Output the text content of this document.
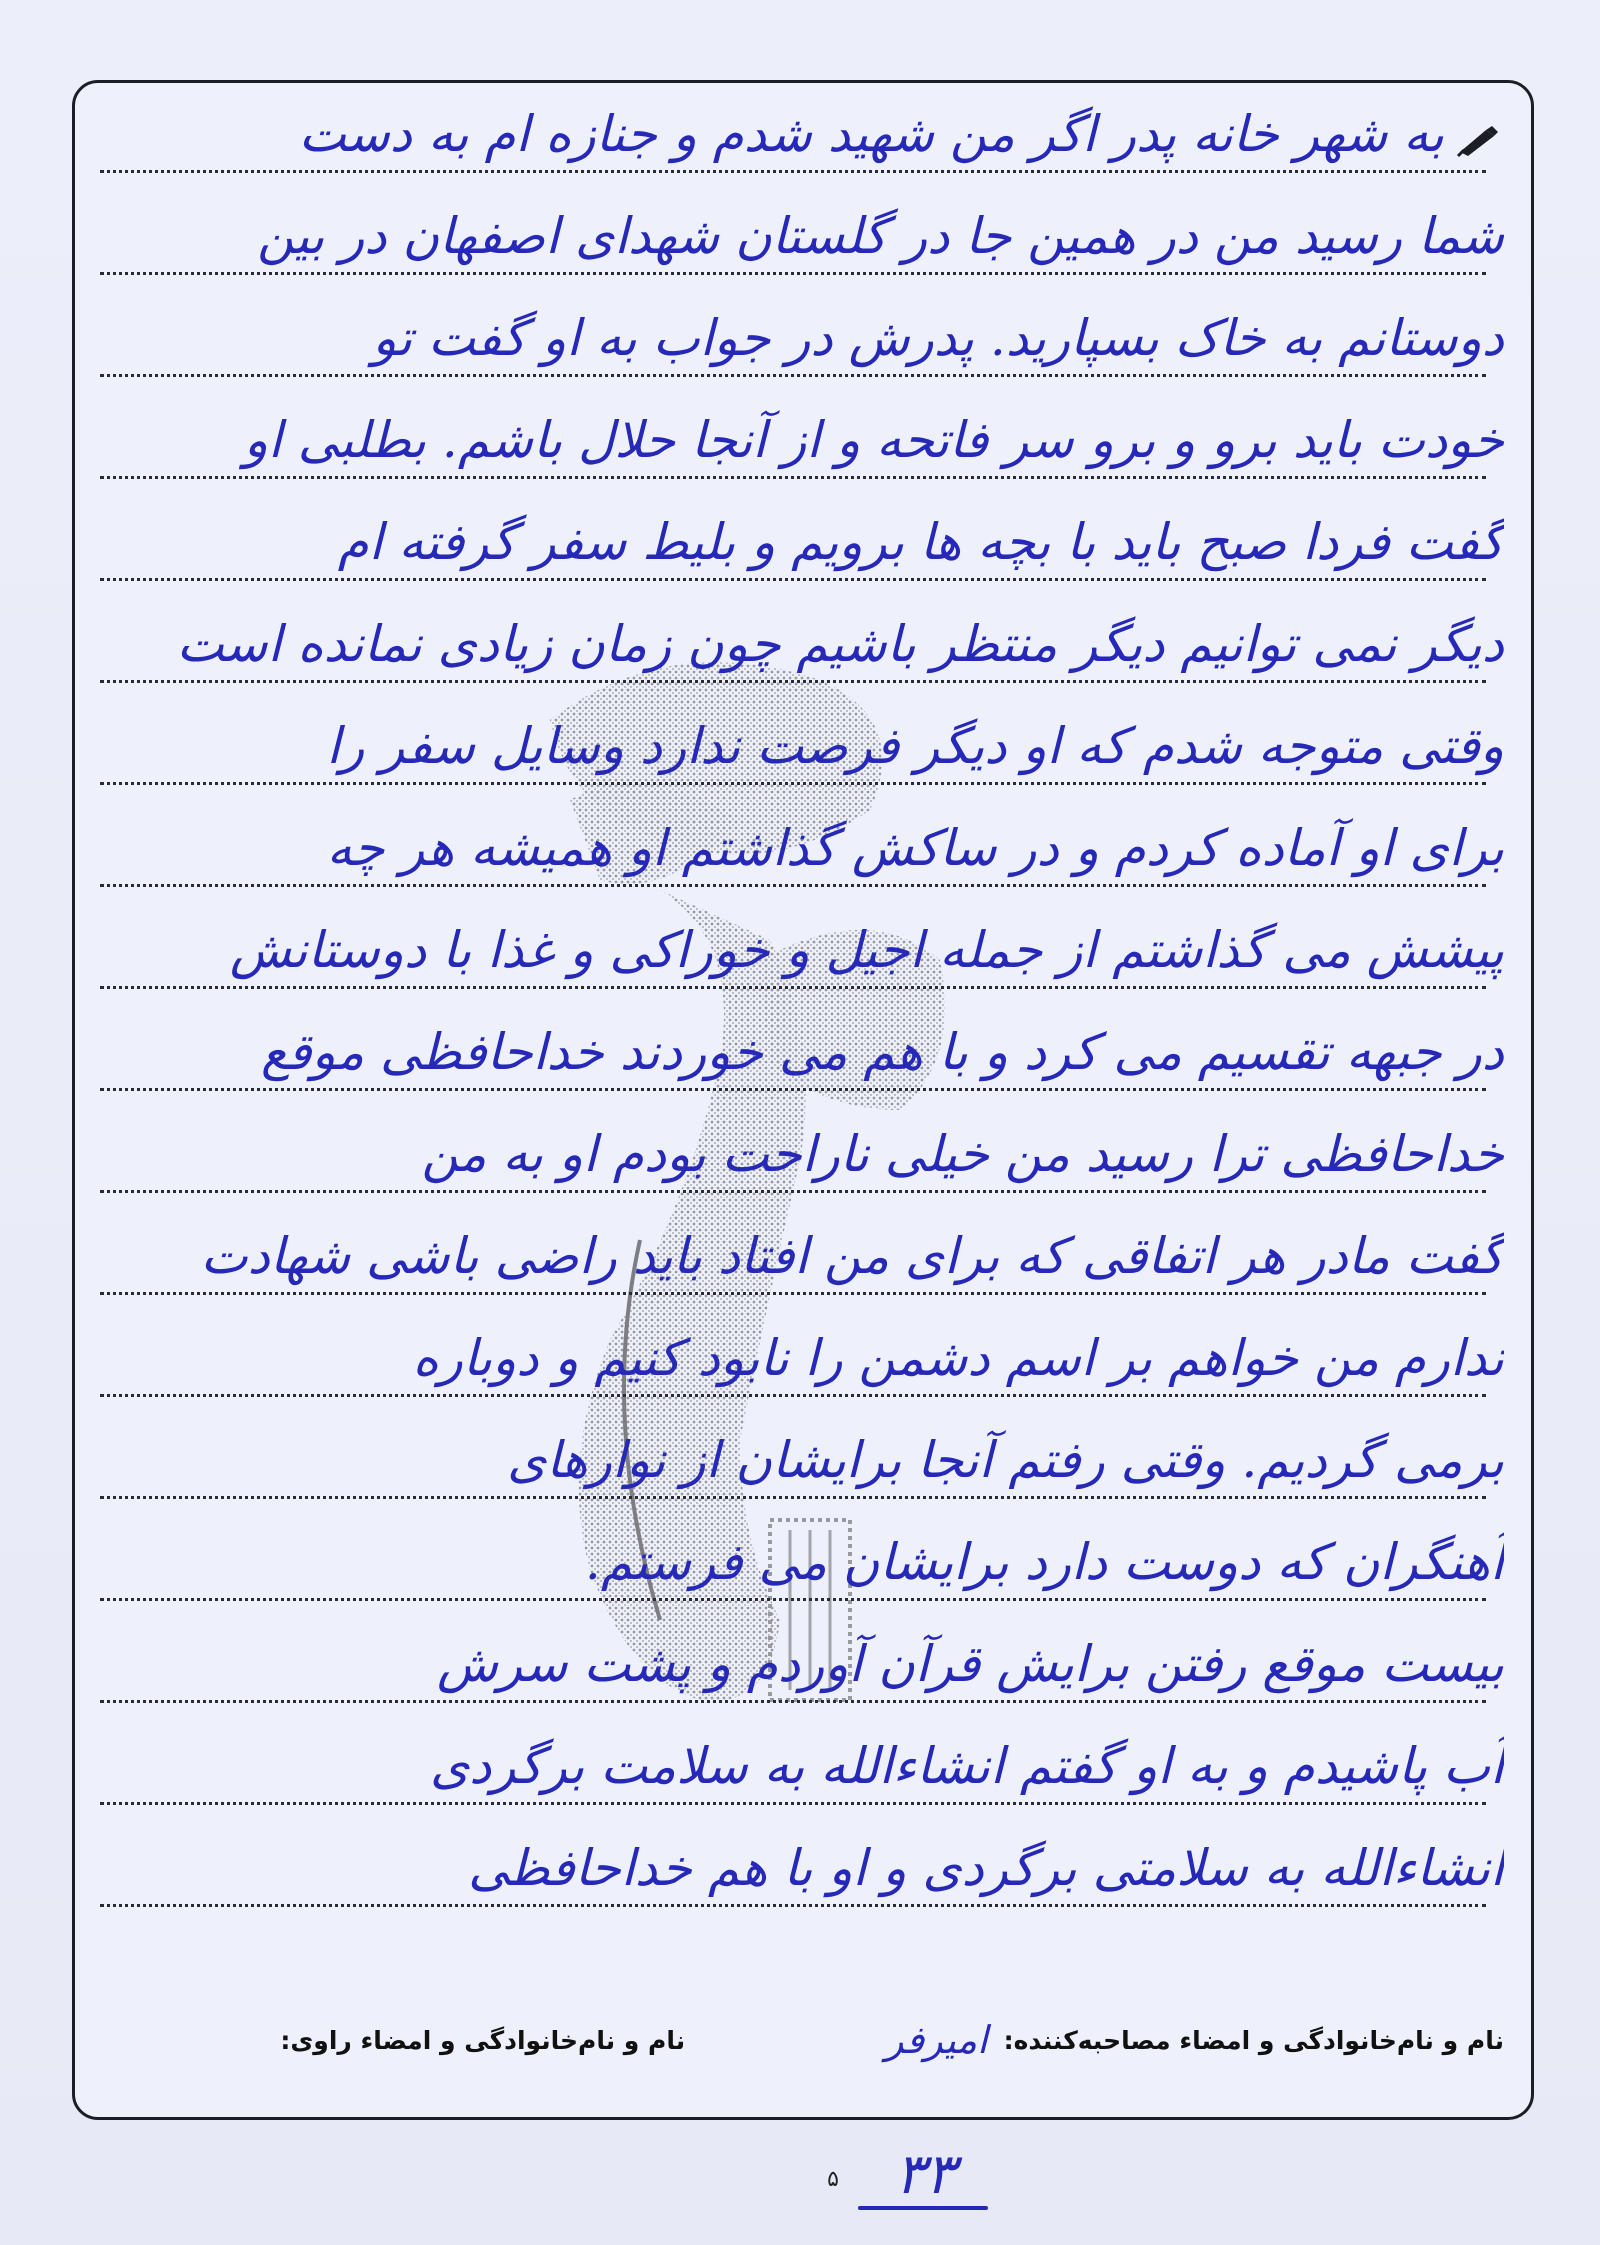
به شهر خانه پدر اگر من شهید شدم و جنازه ام به دست
شما رسید من در همین جا در گلستان شهدای اصفهان در بین
دوستانم به خاک بسپارید. پدرش در جواب به او گفت تو
خودت باید برو و برو سر فاتحه و از آنجا حلال باشم. بطلبی او
گفت فردا صبح باید با بچه ها برویم و بلیط سفر گرفته ام
دیگر نمی توانیم دیگر منتظر باشیم چون زمان زیادی نمانده است
وقتی متوجه شدم که او دیگر فرصت ندارد وسایل سفر را
برای او آماده کردم و در ساکش گذاشتم او همیشه هر چه
پیشش می گذاشتم از جمله اجیل و خوراکی و غذا با دوستانش
در جبهه تقسیم می کرد و با هم می خوردند خداحافظی موقع
خداحافظی ترا رسید من خیلی ناراحت بودم او به من
گفت مادر هر اتفاقی که برای من افتاد باید راضی باشی شهادت
ندارم من خواهم بر اسم دشمن را نابود کنیم و دوباره
برمی گردیم. وقتی رفتم آنجا برایشان از نوارهای
آهنگران که دوست دارد برایشان می فرستم.
بیست موقع رفتن برایش قرآن آوردم و پشت سرش
آب پاشیدم و به او گفتم انشاءالله به سلامت برگردی
انشاءالله به سلامتی برگردی و او با هم خداحافظی
نام و نام‌خانوادگی و امضاء مصاحبه‌کننده:
امیرفر
نام و نام‌خانوادگی و امضاء راوی:
۳۳
۵
